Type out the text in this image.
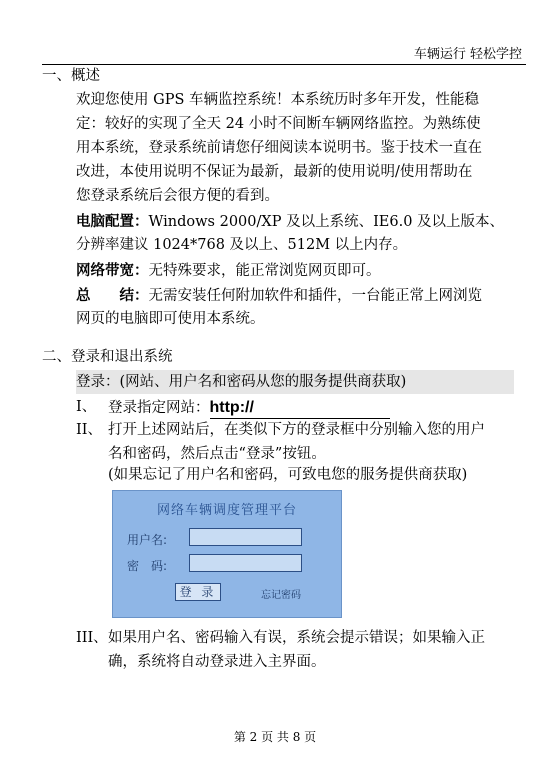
车辆运行 轻松学控
一、概述
欢迎您使用 GPS 车辆监控系统！本系统历时多年开发，性能稳
定：较好的实现了全天 24 小时不间断车辆网络监控。为熟练使
用本系统，登录系统前请您仔细阅读本说明书。鉴于技术一直在
改进，本使用说明不保证为最新，最新的使用说明/使用帮助在
您登录系统后会很方便的看到。
电脑配置：Windows 2000/XP 及以上系统、IE6.0 及以上版本、
分辨率建议 1024*768 及以上、512M 以上内存。
网络带宽：无特殊要求，能正常浏览网页即可。
总　　结：无需安装任何附加软件和插件，一台能正常上网浏览
网页的电脑即可使用本系统。
二、登录和退出系统
登录：(网站、用户名和密码从您的服务提供商获取)
I、 登录指定网站：http://
II、 打开上述网站后，在类似下方的登录框中分别输入您的用户
名和密码，然后点击“登录”按钮。
(如果忘记了用户名和密码，可致电您的服务提供商获取)
网络车辆调度管理平台
用户名:
密　码:
登 录	忘记密码
III、 如果用户名、密码输入有误，系统会提示错误；如果输入正
确，系统将自动登录进入主界面。
第 2 页 共 8 页
